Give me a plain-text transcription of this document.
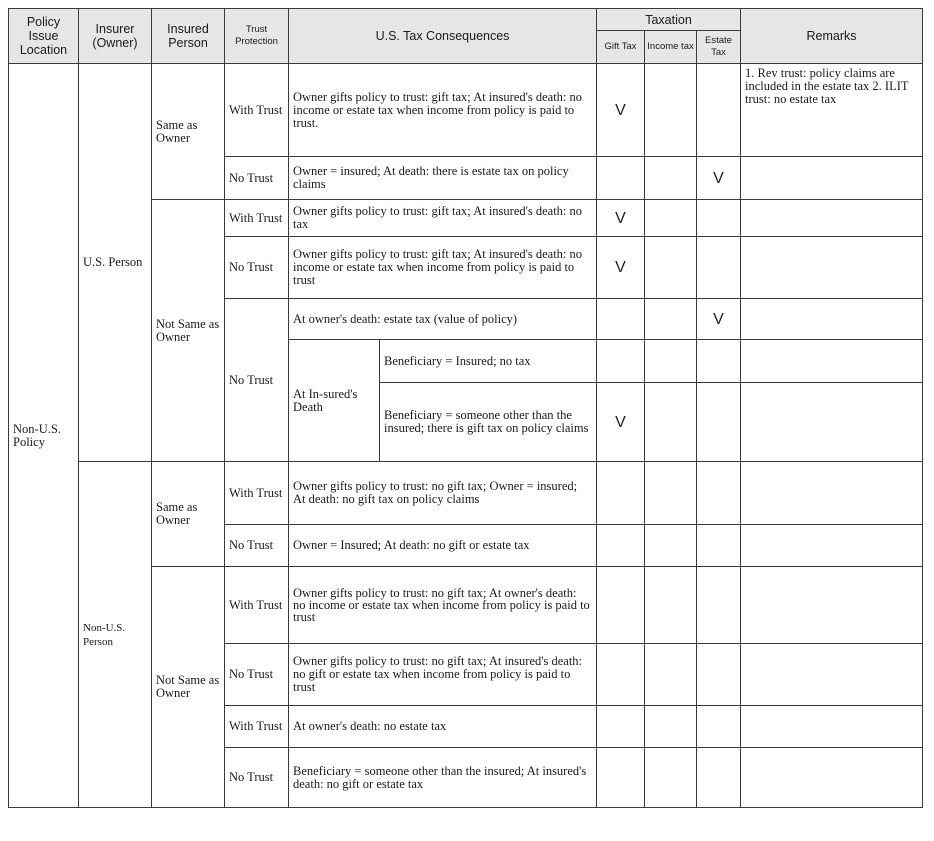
Policy Issue Location	Insurer (Owner)	Insured Person	Trust Protection	U.S. Tax Consequences		Taxation			Remarks
						Gift Tax	Income tax	Estate Tax	
Non-U.S. Policy	U.S. Person	Same as Owner	With Trust	Owner gifts policy to trust: gift tax; At insured's death: no income or estate tax when income from policy is paid to trust.		V			1. Rev trust: policy claims are included in the estate tax 2. ILIT trust: no estate tax
			No Trust	Owner = insured; At death: there is estate tax on policy claims				V	
		Not Same as Owner	With Trust	Owner gifts policy to trust: gift tax; At insured's death: no tax		V			
			No Trust	Owner gifts policy to trust: gift tax; At insured's death: no income or estate tax when income from policy is paid to trust		V			
			No Trust	At owner's death: estate tax (value of policy)				V	
				At In-sured's Death	Beneficiary = Insured; no tax				
					Beneficiary = someone other than the insured; there is gift tax on policy claims	V			
	Non-U.S. Person	Same as Owner	With Trust	Owner gifts policy to trust: no gift tax; Owner = insured; At death: no gift tax on policy claims					
			No Trust	Owner = Insured; At death: no gift or estate tax					
		Not Same as Owner	With Trust	Owner gifts policy to trust: no gift tax; At owner's death: no income or estate tax when income from policy is paid to trust					
			No Trust	Owner gifts policy to trust: no gift tax; At insured's death: no gift or estate tax when income from policy is paid to trust					
			With Trust	At owner's death: no estate tax					
			No Trust	Beneficiary = someone other than the insured; At insured's death: no gift or estate tax					
